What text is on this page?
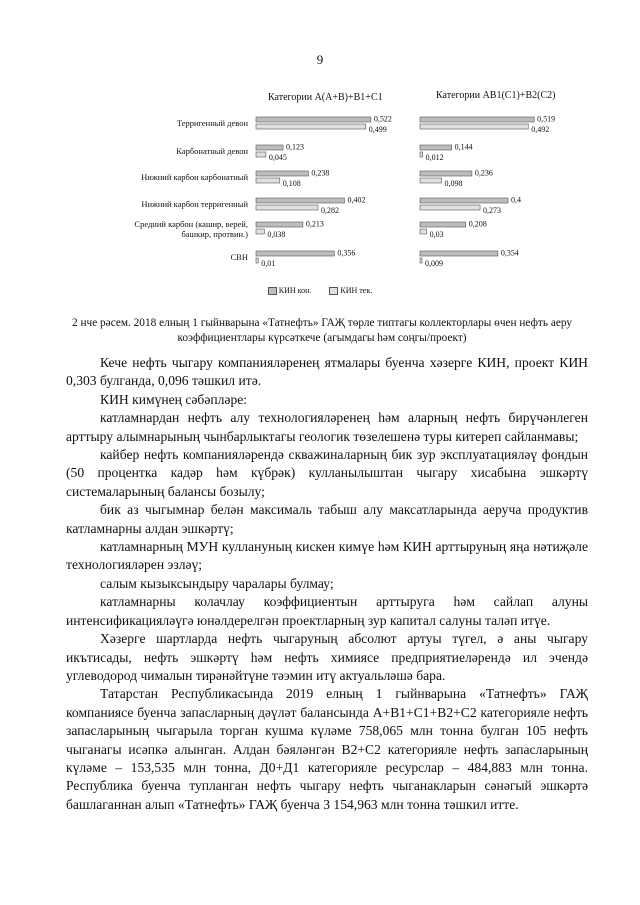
9
Категории А(А+В)+В1+С1	Категории АВ1(С1)+В2(С2)
Терригенный девон
Карбонатный девон
Нижний карбон карбонатный
Нижний карбон терригенный
Средний карбон (кашир, верей,
башкир, протвин.)
СВН
0,522
0,123
0,238
0,402
0,213
0,356
0,499
0,045
0,108
0,282
0,038
0,01
0,519
0,144
0,236
0,4
0,208
0,354
0,492
0,012
0,098
0,273
0,03
0,009
КИН кон.	КИН тек.
2 нче рәсем. 2018 елның 1 гыйнварына «Татнефть» ГАҖ төрле типтагы коллекторлары өчен нефть аеру коэффициентлары күрсәткече (агымдагы һәм соңгы/проект)

Кече нефть чыгару компанияләренең ятмалары буенча хәзерге КИН, проект КИН 0,303 булганда, 0,096 тәшкил итә.

КИН кимүнең сәбәпләре:

катламнардан нефть алу технологияләренең һәм аларның нефть бирүчәнлеген арттыру алымнарының чынбарлыктагы геологик төзелешенә туры китереп сайланмавы;

кайбер нефть компанияләрендә скважиналарның бик зур эксплуатацияләү фондын (50 процентка кадәр һәм күбрәк) кулланылыштан чыгару хисабына эшкәртү системаларының балансы бозылу;

бик аз чыгымнар белән максималь табыш алу максатларында аеруча продуктив катламнарны алдан эшкәртү;

катламнарның МУН куллануның кискен кимүе һәм КИН арттыруның яңа нәтиҗәле технологияләрен эзләү;

салым кызыксындыру чаралары булмау;

катламнарны колачлау коэффициентын арттыруга һәм сайлап алуны интенсификацияләүгә юнәлдерелгән проектларның зур капитал салуны таләп итүе.

Хәзерге шартларда нефть чыгаруның абсолют артуы түгел, ә аны чыгару икътисады, нефть эшкәртү һәм нефть химиясе предприятиеләрендә ил эчендә углеводород чималын тирәнәйтүне тәэмин итү актуальләшә бара.

Татарстан Республикасында 2019 елның 1 гыйнварына «Татнефть» ГАҖ компаниясе буенча запасларның дәүләт балансында А+В1+С1+В2+С2 категорияле нефть запасларының чыгарыла торган кушма күләме 758,065 млн тонна булган 105 нефть чыганагы исәпкә алынган. Алдан бәяләнгән В2+С2 категорияле нефть запасларының күләме – 153,535 млн тонна, Д0+Д1 категорияле ресурслар – 484,883 млн тонна. Республика буенча тупланган нефть чыгару нефть чыганакларын сәнәгый эшкәртә башлаганнан алып «Татнефть» ГАҖ буенча 3 154,963 млн тонна тәшкил итте.
